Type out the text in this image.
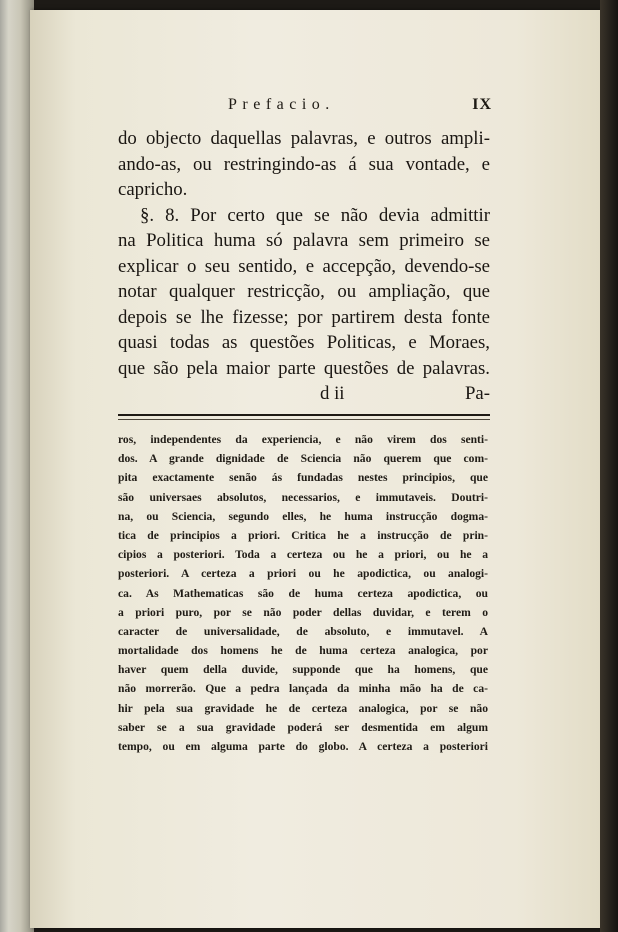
Prefacio.	IX
do objecto daquellas palavras, e outros ampli-
ando-as, ou restringindo-as á sua vontade, e
capricho.
§. 8. Por certo que se não devia admittir
na Politica huma só palavra sem primeiro se
explicar o seu sentido, e accepção, devendo-se
notar qualquer restricção, ou ampliação, que
depois se lhe fizesse; por partirem desta fonte
quasi todas as questões Politicas, e Moraes,
que são pela maior parte questões de palavras.
d ii	Pa-
ros, independentes da experiencia, e não virem dos senti-
dos. A grande dignidade de Sciencia não querem que com-
pita exactamente senão ás fundadas nestes principios, que
são universaes absolutos, necessarios, e immutaveis. Doutri-
na, ou Sciencia, segundo elles, he huma instrucção dogma-
tica de principios a priori. Critica he a instrucção de prin-
cipios a posteriori. Toda a certeza ou he a priori, ou he a
posteriori. A certeza a priori ou he apodictica, ou analogi-
ca. As Mathematicas são de huma certeza apodictica, ou
a priori puro, por se não poder dellas duvidar, e terem o
caracter de universalidade, de absoluto, e immutavel. A
mortalidade dos homens he de huma certeza analogica, por
haver quem della duvide, supponde que ha homens, que
não morrerão. Que a pedra lançada da minha mão ha de ca-
hir pela sua gravidade he de certeza analogica, por se não
saber se a sua gravidade poderá ser desmentida em algum
tempo, ou em alguma parte do globo. A certeza a posteriori
